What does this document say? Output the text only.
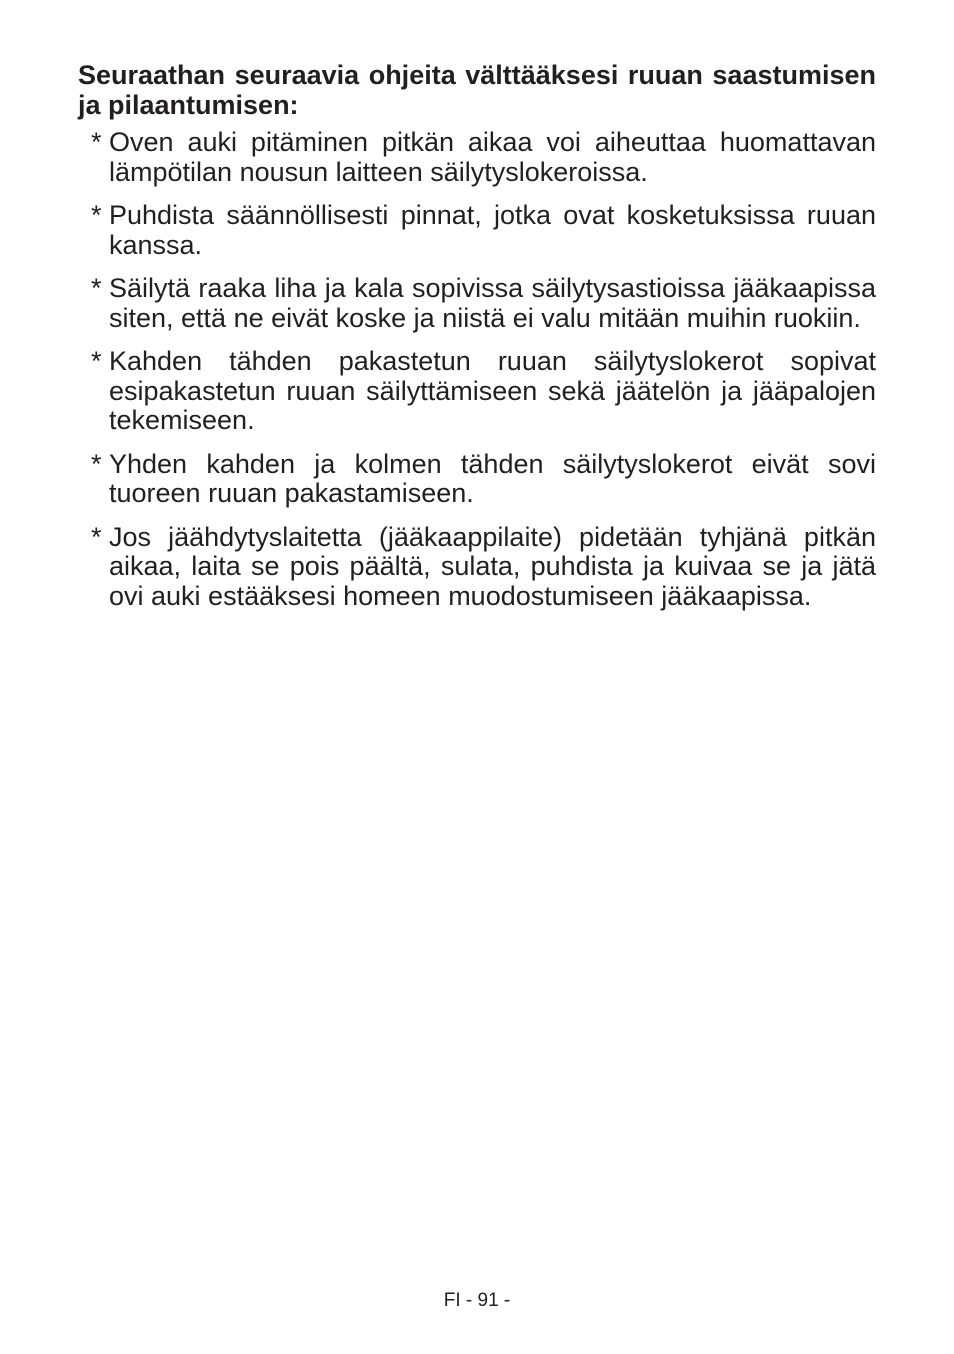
Seuraathan seuraavia ohjeita välttääksesi ruuan saastumisen ja pilaantumisen:

* Oven auki pitäminen pitkän aikaa voi aiheuttaa huomattavan lämpötilan nousun laitteen säilytyslokeroissa.
* Puhdista säännöllisesti pinnat, jotka ovat kosketuksissa ruuan kanssa.
* Säilytä raaka liha ja kala sopivissa säilytysastioissa jääkaapissa siten, että ne eivät koske ja niistä ei valu mitään muihin ruokiin.
* Kahden tähden pakastetun ruuan säilytyslokerot sopivat esipakastetun ruuan säilyttämiseen sekä jäätelön ja jääpalojen tekemiseen.
* Yhden kahden ja kolmen tähden säilytyslokerot eivät sovi tuoreen ruuan pakastamiseen.
* Jos jäähdytyslaitetta (jääkaappilaite) pidetään tyhjänä pitkän aikaa, laita se pois päältä, sulata, puhdista ja kuivaa se ja jätä ovi auki estääksesi homeen muodostumiseen jääkaapissa.
FI - 91 -
